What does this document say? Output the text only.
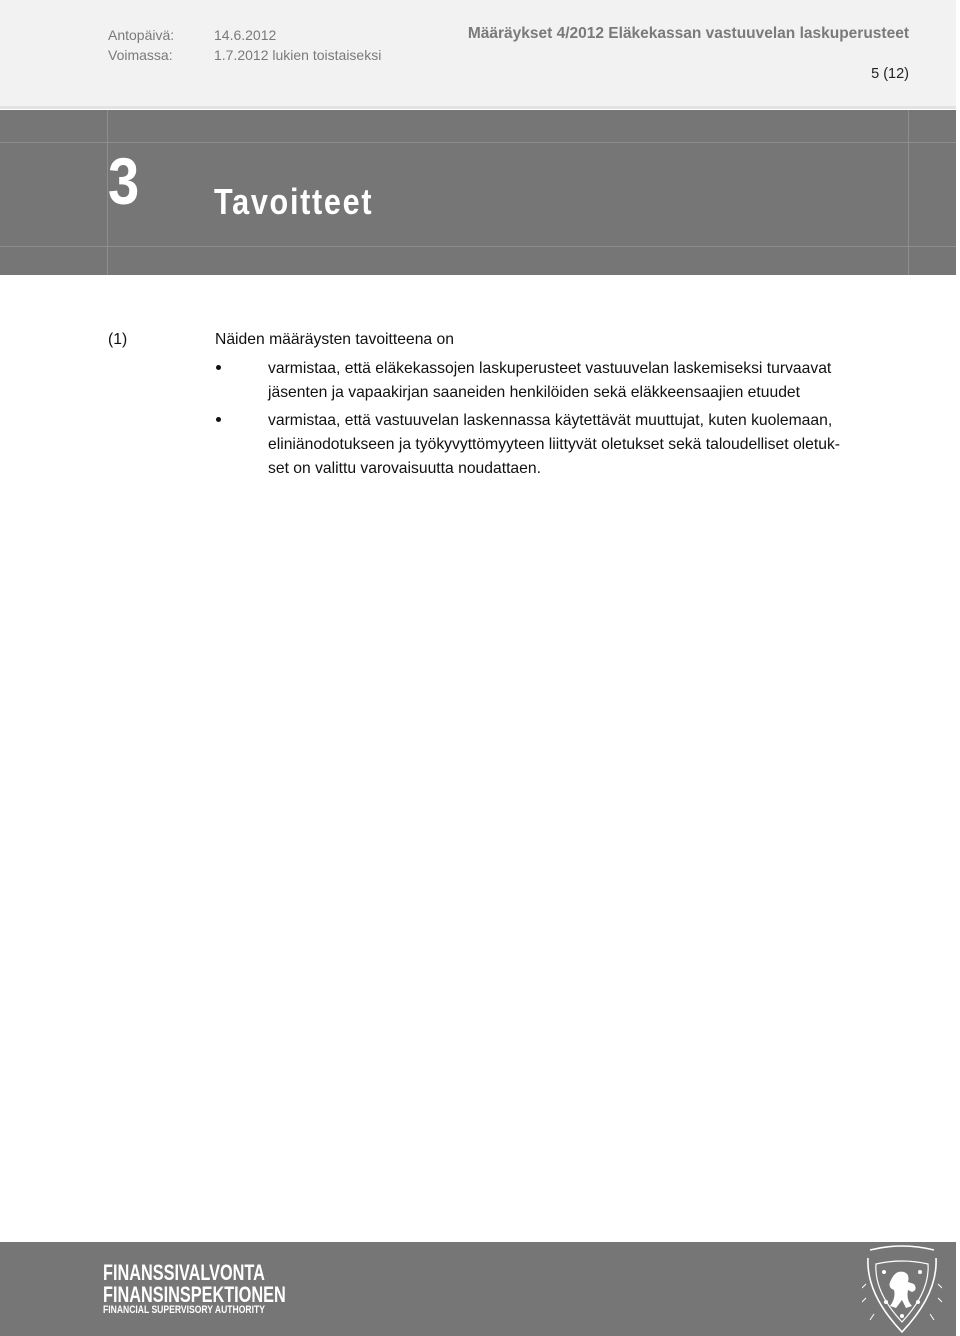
Antopäivä:	14.6.2012
Voimassa:	1.7.2012 lukien toistaiseksi
Määräykset 4/2012 Eläkekassan vastuuvelan laskuperusteet
5 (12)
3 Tavoitteet
(1)	Näiden määräysten tavoitteena on
varmistaa, että eläkekassojen laskuperusteet vastuuvelan laskemiseksi turvaavat
jäsenten ja vapaakirjan saaneiden henkilöiden sekä eläkkeensaajien etuudet
varmistaa, että vastuuvelan laskennassa käytettävät muuttujat, kuten kuolemaan,
eliniänodotukseen ja työkyvyttömyyteen liittyvät oletukset sekä taloudelliset oletuk-
set on valittu varovaisuutta noudattaen.
FINANSSIVALVONTA
FINANSINSPEKTIONEN
FINANCIAL SUPERVISORY AUTHORITY
